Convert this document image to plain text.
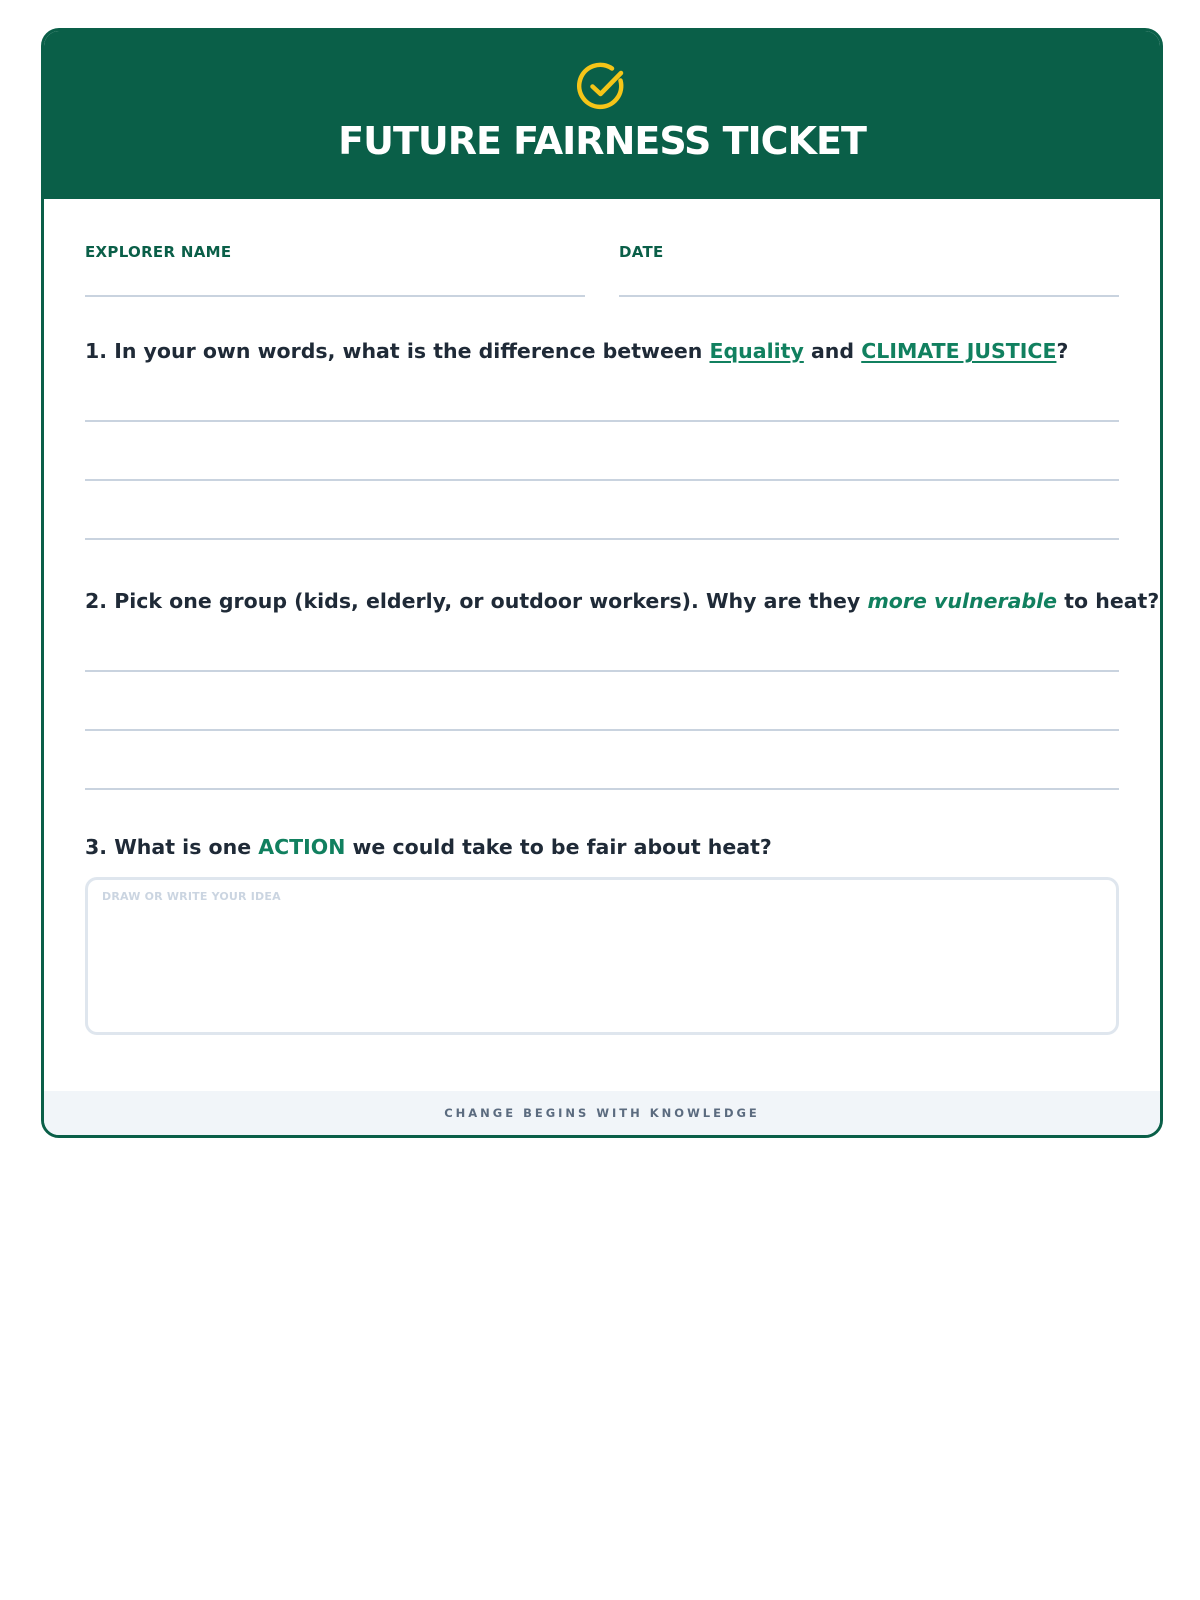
FUTURE FAIRNESS TICKET
EXPLORER NAME	DATE
1. In your own words, what is the difference between Equality and CLIMATE JUSTICE?
2. Pick one group (kids, elderly, or outdoor workers). Why are they more vulnerable to heat?
3. What is one ACTION we could take to be fair about heat?
DRAW OR WRITE YOUR IDEA
CHANGE BEGINS WITH KNOWLEDGE
